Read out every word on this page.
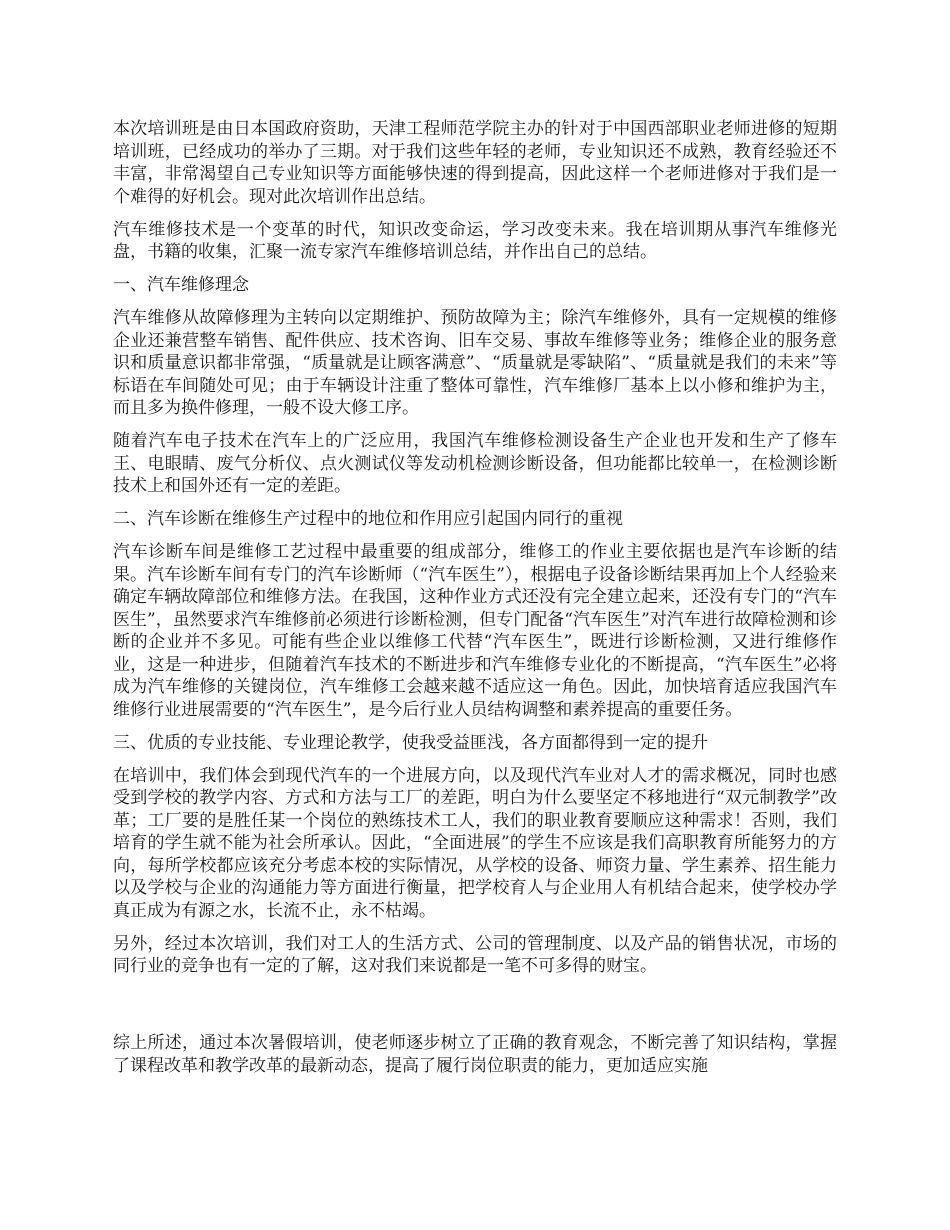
本次培训班是由日本国政府资助，天津工程师范学院主办的针对于中国西部职业老师进修的短期培训班，已经成功的举办了三期。对于我们这些年轻的老师，专业知识还不成熟，教育经验还不丰富，非常渴望自己专业知识等方面能够快速的得到提高，因此这样一个老师进修对于我们是一个难得的好机会。现对此次培训作出总结。

汽车维修技术是一个变革的时代，知识改变命运，学习改变未来。我在培训期从事汽车维修光盘，书籍的收集，汇聚一流专家汽车维修培训总结，并作出自己的总结。

一、汽车维修理念

汽车维修从故障修理为主转向以定期维护、预防故障为主；除汽车维修外，具有一定规模的维修企业还兼营整车销售、配件供应、技术咨询、旧车交易、事故车维修等业务；维修企业的服务意识和质量意识都非常强，“质量就是让顾客满意”、“质量就是零缺陷”、“质量就是我们的未来”等标语在车间随处可见；由于车辆设计注重了整体可靠性，汽车维修厂基本上以小修和维护为主，而且多为换件修理，一般不设大修工序。

随着汽车电子技术在汽车上的广泛应用，我国汽车维修检测设备生产企业也开发和生产了修车王、电眼睛、废气分析仪、点火测试仪等发动机检测诊断设备，但功能都比较单一，在检测诊断技术上和国外还有一定的差距。

二、汽车诊断在维修生产过程中的地位和作用应引起国内同行的重视

汽车诊断车间是维修工艺过程中最重要的组成部分，维修工的作业主要依据也是汽车诊断的结果。汽车诊断车间有专门的汽车诊断师（“汽车医生”），根据电子设备诊断结果再加上个人经验来确定车辆故障部位和维修方法。在我国，这种作业方式还没有完全建立起来，还没有专门的“汽车医生”，虽然要求汽车维修前必须进行诊断检测，但专门配备“汽车医生”对汽车进行故障检测和诊断的企业并不多见。可能有些企业以维修工代替“汽车医生”，既进行诊断检测，又进行维修作业，这是一种进步，但随着汽车技术的不断进步和汽车维修专业化的不断提高，“汽车医生”必将成为汽车维修的关键岗位，汽车维修工会越来越不适应这一角色。因此，加快培育适应我国汽车维修行业进展需要的“汽车医生”，是今后行业人员结构调整和素养提高的重要任务。

三、优质的专业技能、专业理论教学，使我受益匪浅，各方面都得到一定的提升

在培训中，我们体会到现代汽车的一个进展方向，以及现代汽车业对人才的需求概况，同时也感受到学校的教学内容、方式和方法与工厂的差距，明白为什么要坚定不移地进行“双元制教学”改革；工厂要的是胜任某一个岗位的熟练技术工人，我们的职业教育要顺应这种需求！否则，我们培育的学生就不能为社会所承认。因此，“全面进展”的学生不应该是我们高职教育所能努力的方向，每所学校都应该充分考虑本校的实际情况，从学校的设备、师资力量、学生素养、招生能力以及学校与企业的沟通能力等方面进行衡量，把学校育人与企业用人有机结合起来，使学校办学真正成为有源之水，长流不止，永不枯竭。

另外，经过本次培训，我们对工人的生活方式、公司的管理制度、以及产品的销售状况，市场的同行业的竞争也有一定的了解，这对我们来说都是一笔不可多得的财宝。

综上所述，通过本次暑假培训，使老师逐步树立了正确的教育观念，不断完善了知识结构，掌握了课程改革和教学改革的最新动态，提高了履行岗位职责的能力，更加适应实施
